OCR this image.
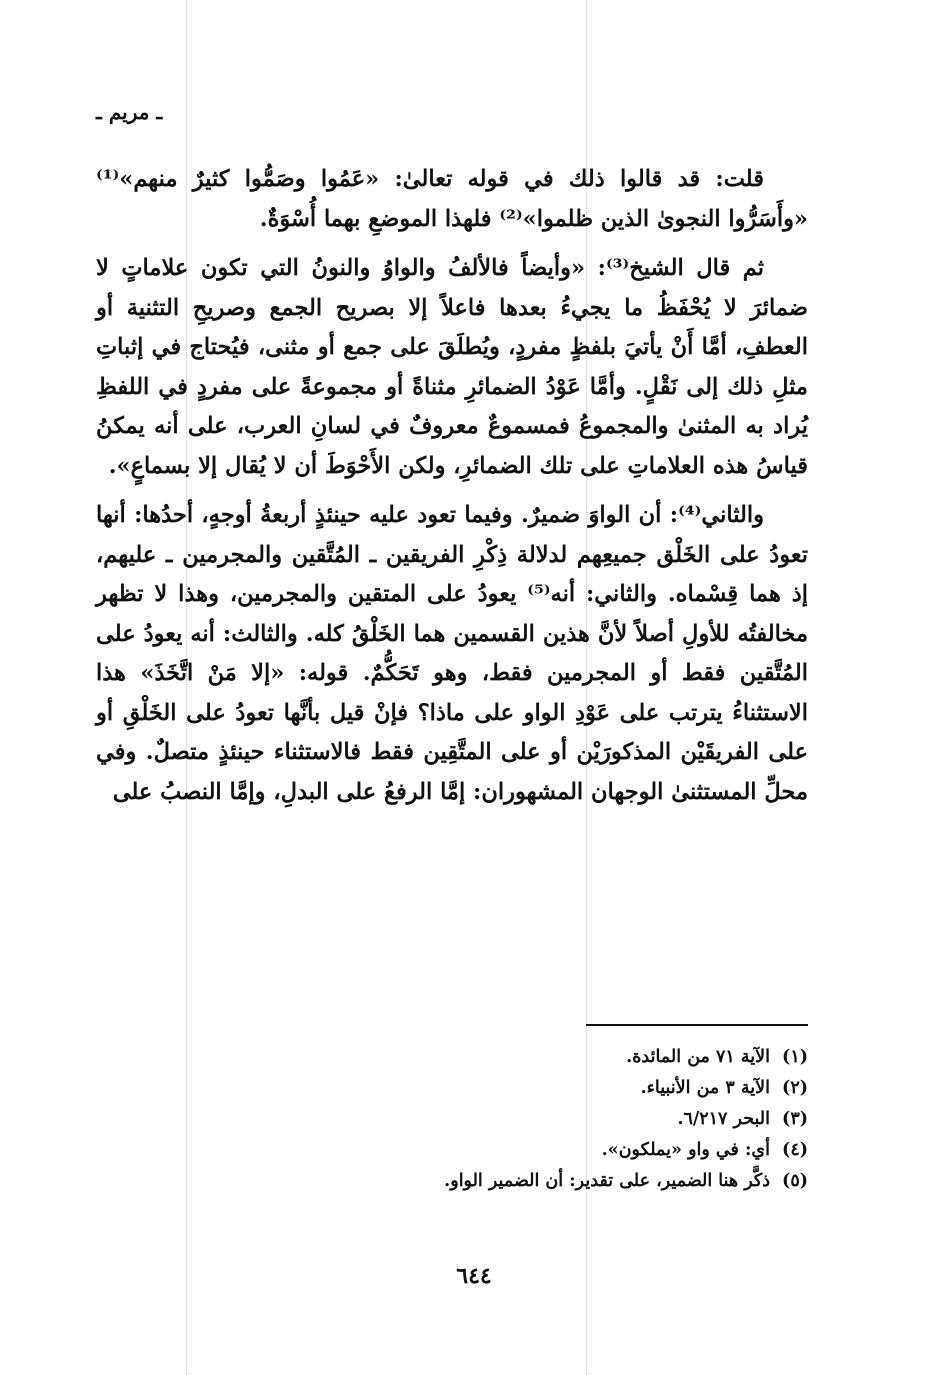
ـ مريم ـ

قلت: قد قالوا ذلك في قوله تعالىٰ: «عَمُوا وصَمُّوا كثيرٌ منهم»⁽¹⁾ «وأَسَرُّوا النجوىٰ الذين ظلموا»⁽²⁾ فلهذا الموضعِ بهما أُسْوَةٌ.

ثم قال الشيخ⁽³⁾: «وأيضاً فالألفُ والواوُ والنونُ التي تكون علاماتٍ لا ضمائرَ لا يُحْفَظُ ما يجيءُ بعدها فاعلاً إلا بصريح الجمع وصريحِ التثنية أو العطفِ، أمَّا أَنْ يأتيَ بلفظٍ مفردٍ، ويُطلَقَ على جمع أو مثنى، فيُحتاج في إثباتِ مثلِ ذلك إلى نَقْلٍ. وأمَّا عَوْدُ الضمائرِ مثناةً أو مجموعةً على مفردٍ في اللفظِ يُراد به المثنىٰ والمجموعُ فمسموعٌ معروفٌ في لسانِ العرب، على أنه يمكنُ قياسُ هذه العلاماتِ على تلك الضمائرِ، ولكن الأَحْوَطَ أن لا يُقال إلا بسماعٍ».

والثاني⁽⁴⁾: أن الواوَ ضميرٌ. وفيما تعود عليه حينئذٍ أربعةُ أوجهٍ، أحدُها: أنها تعودُ على الخَلْق جميعِهم لدلالة ذِكْرِ الفريقين ـ المُتَّقين والمجرمين ـ عليهم، إذ هما قِسْماه. والثاني: أنه⁽⁵⁾ يعودُ على المتقين والمجرمين، وهذا لا تظهر مخالفتُه للأولِ أصلاً لأنَّ هذين القسمين هما الخَلْقُ كله. والثالث: أنه يعودُ على المُتَّقين فقط أو المجرمين فقط، وهو تَحَكُّمٌ. قوله: «إلا مَنْ اتَّخَذَ» هذا الاستثناءُ يترتب على عَوْدِ الواو على ماذا؟ فإنْ قيل بأنَّها تعودُ على الخَلْقِ أو على الفريقَيْن المذكورَيْن أو على المتَّقِين فقط فالاستثناء حينئذٍ متصلٌ. وفي محلِّ المستثنىٰ الوجهان المشهوران: إمَّا الرفعُ على البدلِ، وإمَّا النصبُ على

(١)الآية ٧١ من المائدة.
(٢)الآية ٣ من الأنبياء.
(٣)البحر ٦/٢١٧.
(٤)أي: في واو «يملكون».
(٥)ذكَّر هنا الضمير، على تقدير: أن الضمير الواو.
٦٤٤
